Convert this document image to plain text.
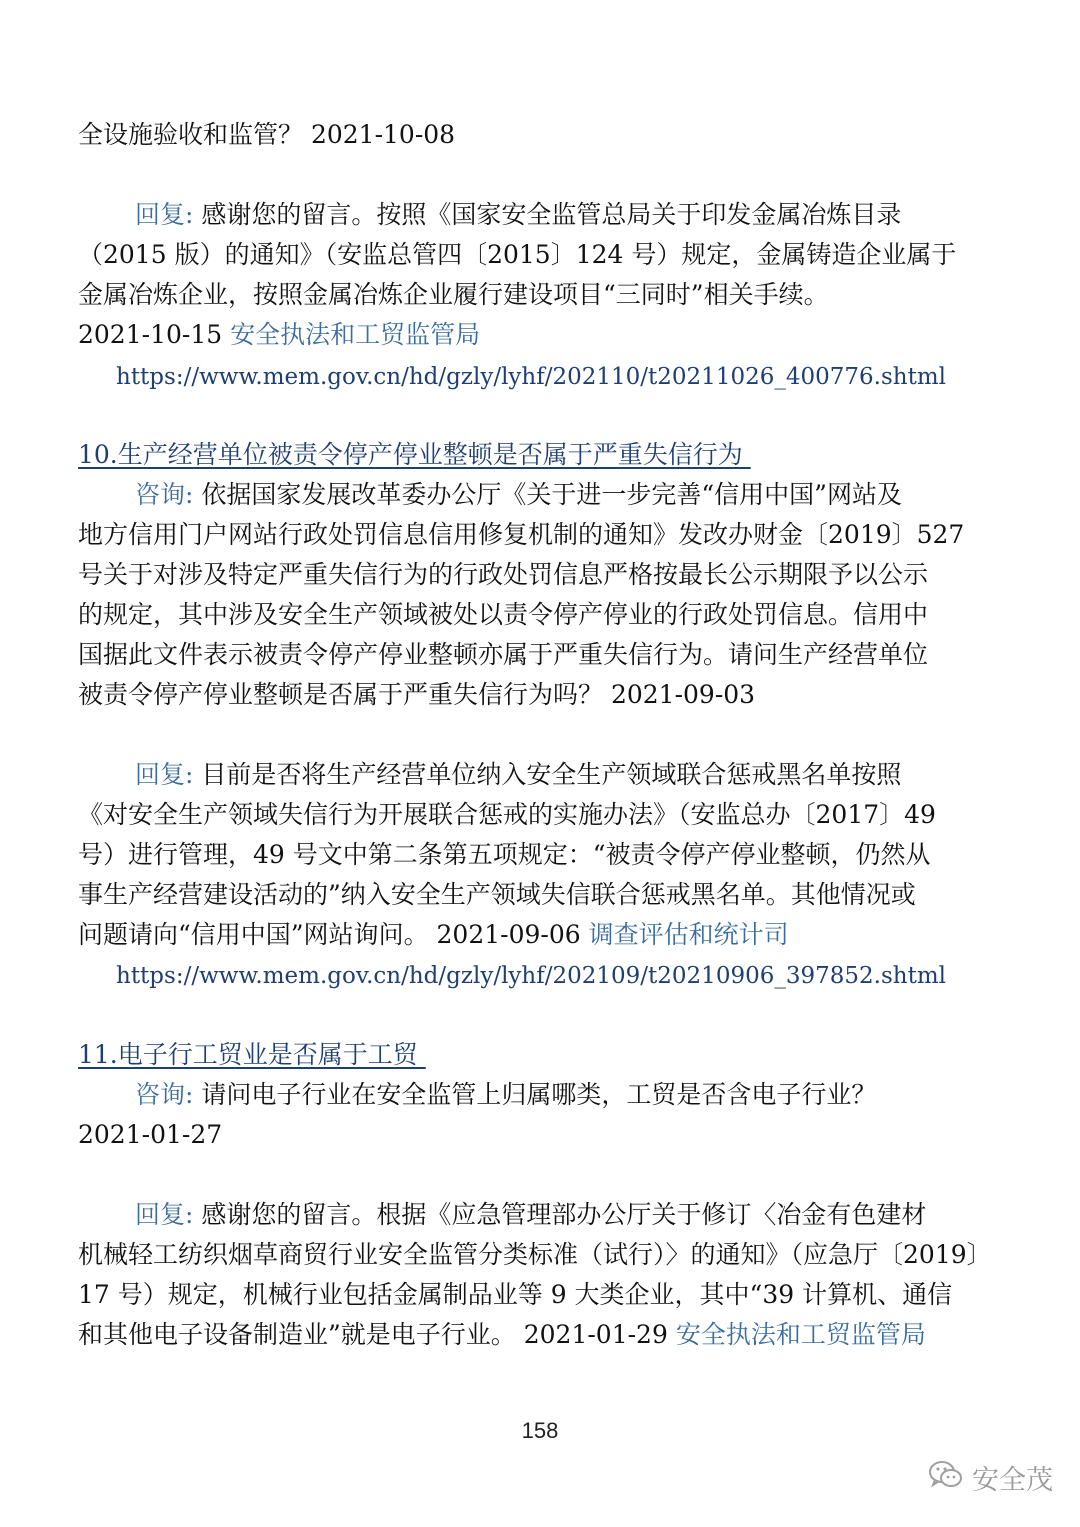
全设施验收和监管？ 2021-10-08
回复: 感谢您的留言。按照《国家安全监管总局关于印发金属冶炼目录
（2015 版）的通知》（安监总管四〔2015〕124 号）规定，金属铸造企业属于
金属冶炼企业，按照金属冶炼企业履行建设项目“三同时”相关手续。
2021-10-15 安全执法和工贸监管局
https://www.mem.gov.cn/hd/gzly/lyhf/202110/t20211026_400776.shtml
10.生产经营单位被责令停产停业整顿是否属于严重失信行为
咨询: 依据国家发展改革委办公厅《关于进一步完善“信用中国”网站及
地方信用门户网站行政处罚信息信用修复机制的通知》发改办财金〔2019〕527
号关于对涉及特定严重失信行为的行政处罚信息严格按最长公示期限予以公示
的规定，其中涉及安全生产领域被处以责令停产停业的行政处罚信息。信用中
国据此文件表示被责令停产停业整顿亦属于严重失信行为。请问生产经营单位
被责令停产停业整顿是否属于严重失信行为吗？ 2021-09-03
回复: 目前是否将生产经营单位纳入安全生产领域联合惩戒黑名单按照
《对安全生产领域失信行为开展联合惩戒的实施办法》（安监总办〔2017〕49
号）进行管理，49 号文中第二条第五项规定：“被责令停产停业整顿，仍然从
事生产经营建设活动的”纳入安全生产领域失信联合惩戒黑名单。其他情况或
问题请向“信用中国”网站询问。 2021-09-06 调查评估和统计司
https://www.mem.gov.cn/hd/gzly/lyhf/202109/t20210906_397852.shtml
11.电子行工贸业是否属于工贸
咨询: 请问电子行业在安全监管上归属哪类，工贸是否含电子行业？
2021-01-27
回复: 感谢您的留言。根据《应急管理部办公厅关于修订〈冶金有色建材
机械轻工纺织烟草商贸行业安全监管分类标准（试行）〉的通知》（应急厅〔2019〕
17 号）规定，机械行业包括金属制品业等 9 大类企业，其中“39 计算机、通信
和其他电子设备制造业”就是电子行业。 2021-01-29 安全执法和工贸监管局
158
安全茂
